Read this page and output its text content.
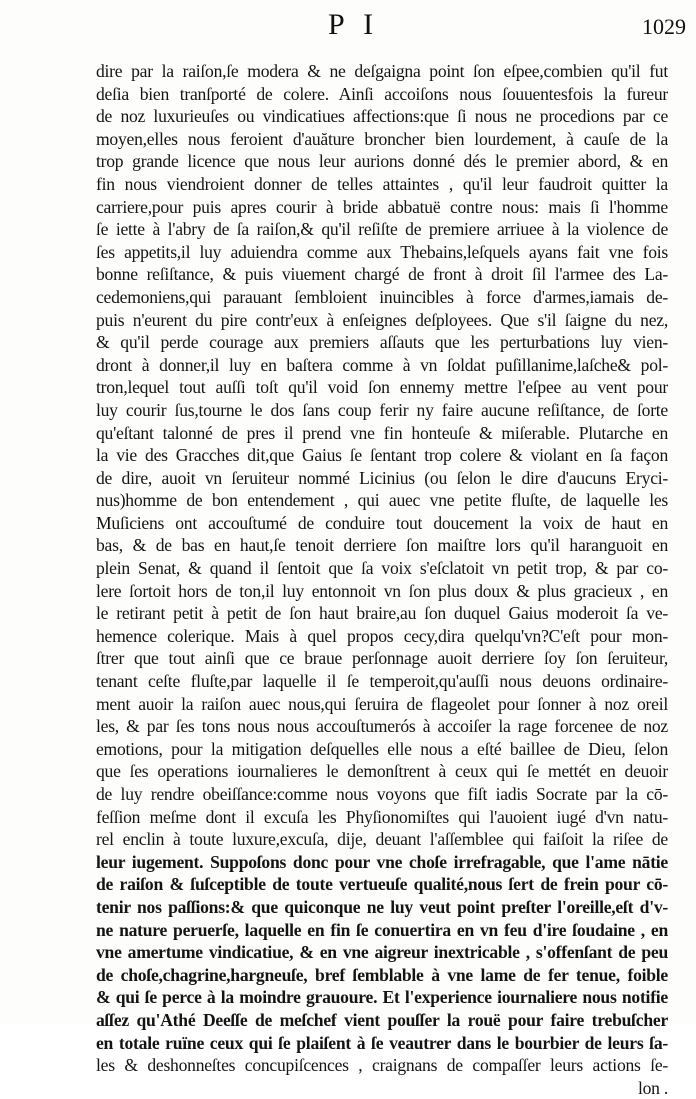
P I	1029
dire par la raiſon,ſe modera & ne deſgaigna point ſon eſpee,combien qu'il fut
deſia bien tranſporté de colere. Ainſi accoiſons nous ſouuentesfois la fureur
de noz luxurieuſes ou vindicatiues affections:que ſi nous ne procedions par ce
moyen,elles nous feroient d'auăture broncher bien lourdement, à cauſe de la
trop grande licence que nous leur aurions donné dés le premier abord, & en
fin nous viendroient donner de telles attaintes , qu'il leur faudroit quitter la
carriere,pour puis apres courir à bride abbatuë contre nous: mais ſi l'homme
ſe iette à l'abry de ſa raiſon,& qu'il reſiſte de premiere arriuee à la violence de
ſes appetits,il luy aduiendra comme aux Thebains,leſquels ayans fait vne fois
bonne reſiſtance, & puis viuement chargé de front à droit ſil l'armee des La-
cedemoniens,qui parauant ſembloient inuincibles à force d'armes,iamais de-
puis n'eurent du pire contr'eux à enſeignes deſployees. Que s'il ſaigne du nez,
& qu'il perde courage aux premiers aſſauts que les perturbations luy vien-
dront à donner,il luy en baſtera comme à vn ſoldat puſillanime,laſche& pol-
tron,lequel tout auſſi toſt qu'il void ſon ennemy mettre l'eſpee au vent pour
luy courir ſus,tourne le dos ſans coup ferir ny faire aucune reſiſtance, de ſorte
qu'eſtant talonné de pres il prend vne fin honteuſe & miſerable. Plutarche en
la vie des Gracches dit,que Gaius ſe ſentant trop colere & violant en ſa façon
de dire, auoit vn ſeruiteur nommé Licinius (ou ſelon le dire d'aucuns Eryci-
nus)homme de bon entendement , qui auec vne petite fluſte, de laquelle les
Muſiciens ont accouſtumé de conduire tout doucement la voix de haut en
bas, & de bas en haut,ſe tenoit derriere ſon maiſtre lors qu'il haranguoit en
plein Senat, & quand il ſentoit que ſa voix s'eſclatoit vn petit trop, & par co-
lere ſortoit hors de ton,il luy entonnoit vn ſon plus doux & plus gracieux , en
le retirant petit à petit de ſon haut braire,au ſon duquel Gaius moderoit ſa ve-
hemence colerique. Mais à quel propos cecy,dira quelqu'vn?C'eſt pour mon-
ſtrer que tout ainſi que ce braue perſonnage auoit derriere ſoy ſon ſeruiteur,
tenant ceſte fluſte,par laquelle il ſe temperoit,qu'auſſi nous deuons ordinaire-
ment auoir la raiſon auec nous,qui ſeruira de flageolet pour ſonner à noz oreil
les, & par ſes tons nous nous accouſtumerós à accoiſer la rage forcenee de noz
emotions, pour la mitigation deſquelles elle nous a eſté baillee de Dieu, ſelon
que ſes operations iournalieres le demonſtrent à ceux qui ſe mettét en deuoir
de luy rendre obeiſſance:comme nous voyons que fiſt iadis Socrate par la cō-
feſſion meſme dont il excuſa les Phyſionomiſtes qui l'auoient iugé d'vn natu-
rel enclin à toute luxure,excuſa, dije, deuant l'aſſemblee qui faiſoit la riſee de
leur iugement. Suppoſons donc pour vne choſe irrefragable, que l'ame nātie
de raiſon & ſuſceptible de toute vertueuſe qualité,nous ſert de frein pour cō-
tenir nos paſſions:& que quiconque ne luy veut point preſter l'oreille,eſt d'v-
ne nature peruerſe, laquelle en fin ſe conuertira en vn feu d'ire ſoudaine , en
vne amertume vindicatiue, & en vne aigreur inextricable , s'offenſant de peu
de choſe,chagrine,hargneuſe, bref ſemblable à vne lame de fer tenue, foible
& qui ſe perce à la moindre grauoure. Et l'experience iournaliere nous notifie
aſſez qu'Athé Deeſſe de meſchef vient pouſſer la rouë pour faire trebuſcher
en totale ruïne ceux qui ſe plaiſent à ſe veautrer dans le bourbier de leurs ſa-
les & deshonneſtes concupiſcences , craignans de compaſſer leurs actions ſe-
lon .
